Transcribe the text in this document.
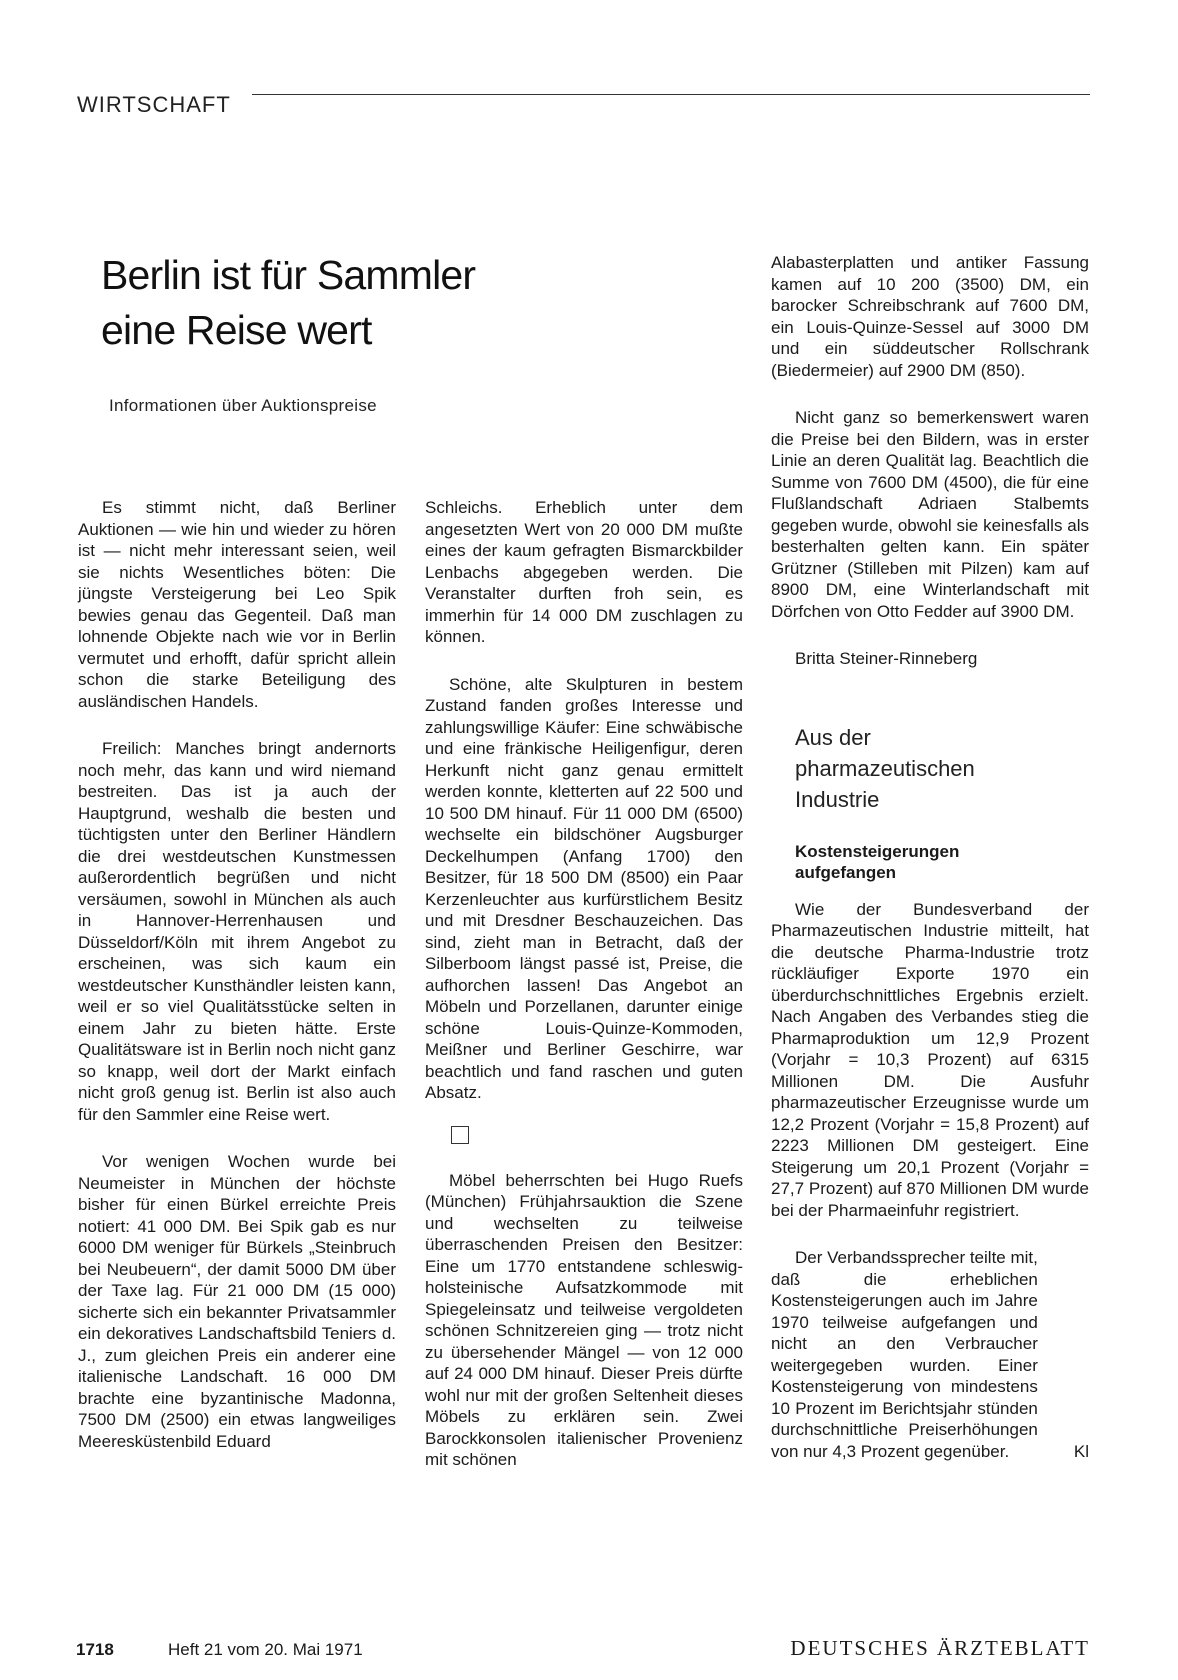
WIRTSCHAFT
Berlin ist für Sammler
eine Reise wert
Informationen über Auktionspreise

Es stimmt nicht, daß Berliner Auktionen — wie hin und wieder zu hören ist — nicht mehr interessant seien, weil sie nichts Wesentliches böten: Die jüngste Versteigerung bei Leo Spik bewies genau das Gegenteil. Daß man lohnende Objekte nach wie vor in Berlin vermutet und erhofft, dafür spricht allein schon die starke Beteiligung des ausländischen Handels.

Freilich: Manches bringt andernorts noch mehr, das kann und wird niemand bestreiten. Das ist ja auch der Hauptgrund, weshalb die besten und tüchtigsten unter den Berliner Händlern die drei westdeutschen Kunstmessen außerordentlich begrüßen und nicht versäumen, sowohl in München als auch in Hannover-Herrenhausen und Düsseldorf/Köln mit ihrem Angebot zu erscheinen, was sich kaum ein westdeutscher Kunsthändler leisten kann, weil er so viel Qualitätsstücke selten in einem Jahr zu bieten hätte. Erste Qualitätsware ist in Berlin noch nicht ganz so knapp, weil dort der Markt einfach nicht groß genug ist. Berlin ist also auch für den Sammler eine Reise wert.

Vor wenigen Wochen wurde bei Neumeister in München der höchste bisher für einen Bürkel erreichte Preis notiert: 41 000 DM. Bei Spik gab es nur 6000 DM weniger für Bürkels „Steinbruch bei Neubeuern“, der damit 5000 DM über der Taxe lag. Für 21 000 DM (15 000) sicherte sich ein bekannter Privatsammler ein dekoratives Landschaftsbild Teniers d. J., zum gleichen Preis ein anderer eine italienische Landschaft. 16 000 DM brachte eine byzantinische Madonna, 7500 DM (2500) ein etwas langweiliges Meeresküstenbild Eduard

Schleichs. Erheblich unter dem angesetzten Wert von 20 000 DM mußte eines der kaum gefragten Bismarckbilder Lenbachs abgegeben werden. Die Veranstalter durften froh sein, es immerhin für 14 000 DM zuschlagen zu können.

Schöne, alte Skulpturen in bestem Zustand fanden großes Interesse und zahlungswillige Käufer: Eine schwäbische und eine fränkische Heiligenfigur, deren Herkunft nicht ganz genau ermittelt werden konnte, kletterten auf 22 500 und 10 500 DM hinauf. Für 11 000 DM (6500) wechselte ein bildschöner Augsburger Deckelhumpen (Anfang 1700) den Besitzer, für 18 500 DM (8500) ein Paar Kerzenleuchter aus kurfürstlichem Besitz und mit Dresdner Beschauzeichen. Das sind, zieht man in Betracht, daß der Silberboom längst passé ist, Preise, die aufhorchen lassen! Das Angebot an Möbeln und Porzellanen, darunter einige schöne Louis-Quinze-Kommoden, Meißner und Berliner Geschirre, war beachtlich und fand raschen und guten Absatz.

Möbel beherrschten bei Hugo Ruefs (München) Frühjahrsauktion die Szene und wechselten zu teilweise überraschenden Preisen den Besitzer: Eine um 1770 entstandene schleswig-holsteinische Aufsatzkommode mit Spiegeleinsatz und teilweise vergoldeten schönen Schnitzereien ging — trotz nicht zu übersehender Mängel — von 12 000 auf 24 000 DM hinauf. Dieser Preis dürfte wohl nur mit der großen Seltenheit dieses Möbels zu erklären sein. Zwei Barockkonsolen italienischer Provenienz mit schönen

Alabasterplatten und antiker Fassung kamen auf 10 200 (3500) DM, ein barocker Schreibschrank auf 7600 DM, ein Louis-Quinze-Sessel auf 3000 DM und ein süddeutscher Rollschrank (Biedermeier) auf 2900 DM (850).

Nicht ganz so bemerkenswert waren die Preise bei den Bildern, was in erster Linie an deren Qualität lag. Beachtlich die Summe von 7600 DM (4500), die für eine Flußlandschaft Adriaen Stalbemts gegeben wurde, obwohl sie keinesfalls als besterhalten gelten kann. Ein später Grützner (Stilleben mit Pilzen) kam auf 8900 DM, eine Winterlandschaft mit Dörfchen von Otto Fedder auf 3900 DM.

Britta Steiner-Rinneberg

Aus der
pharmazeutischen
Industrie
Kostensteigerungen
aufgefangen

Wie der Bundesverband der Pharmazeutischen Industrie mitteilt, hat die deutsche Pharma-Industrie trotz rückläufiger Exporte 1970 ein überdurchschnittliches Ergebnis erzielt. Nach Angaben des Verbandes stieg die Pharmaproduktion um 12,9 Prozent (Vorjahr = 10,3 Prozent) auf 6315 Millionen DM. Die Ausfuhr pharmazeutischer Erzeugnisse wurde um 12,2 Prozent (Vorjahr = 15,8 Prozent) auf 2223 Millionen DM gesteigert. Eine Steigerung um 20,1 Prozent (Vorjahr = 27,7 Prozent) auf 870 Millionen DM wurde bei der Pharmaeinfuhr registriert.

Der Verbandssprecher teilte mit, daß die erheblichen Kostensteigerungen auch im Jahre 1970 teilweise aufgefangen und nicht an den Verbraucher weitergegeben wurden. Einer Kostensteigerung von mindestens 10 Prozent im Berichtsjahr stünden durchschnittliche Preiserhöhungen von nur 4,3 Prozent gegenüber.	Kl

1718	Heft 21 vom 20. Mai 1971	DEUTSCHES ÄRZTEBLATT
